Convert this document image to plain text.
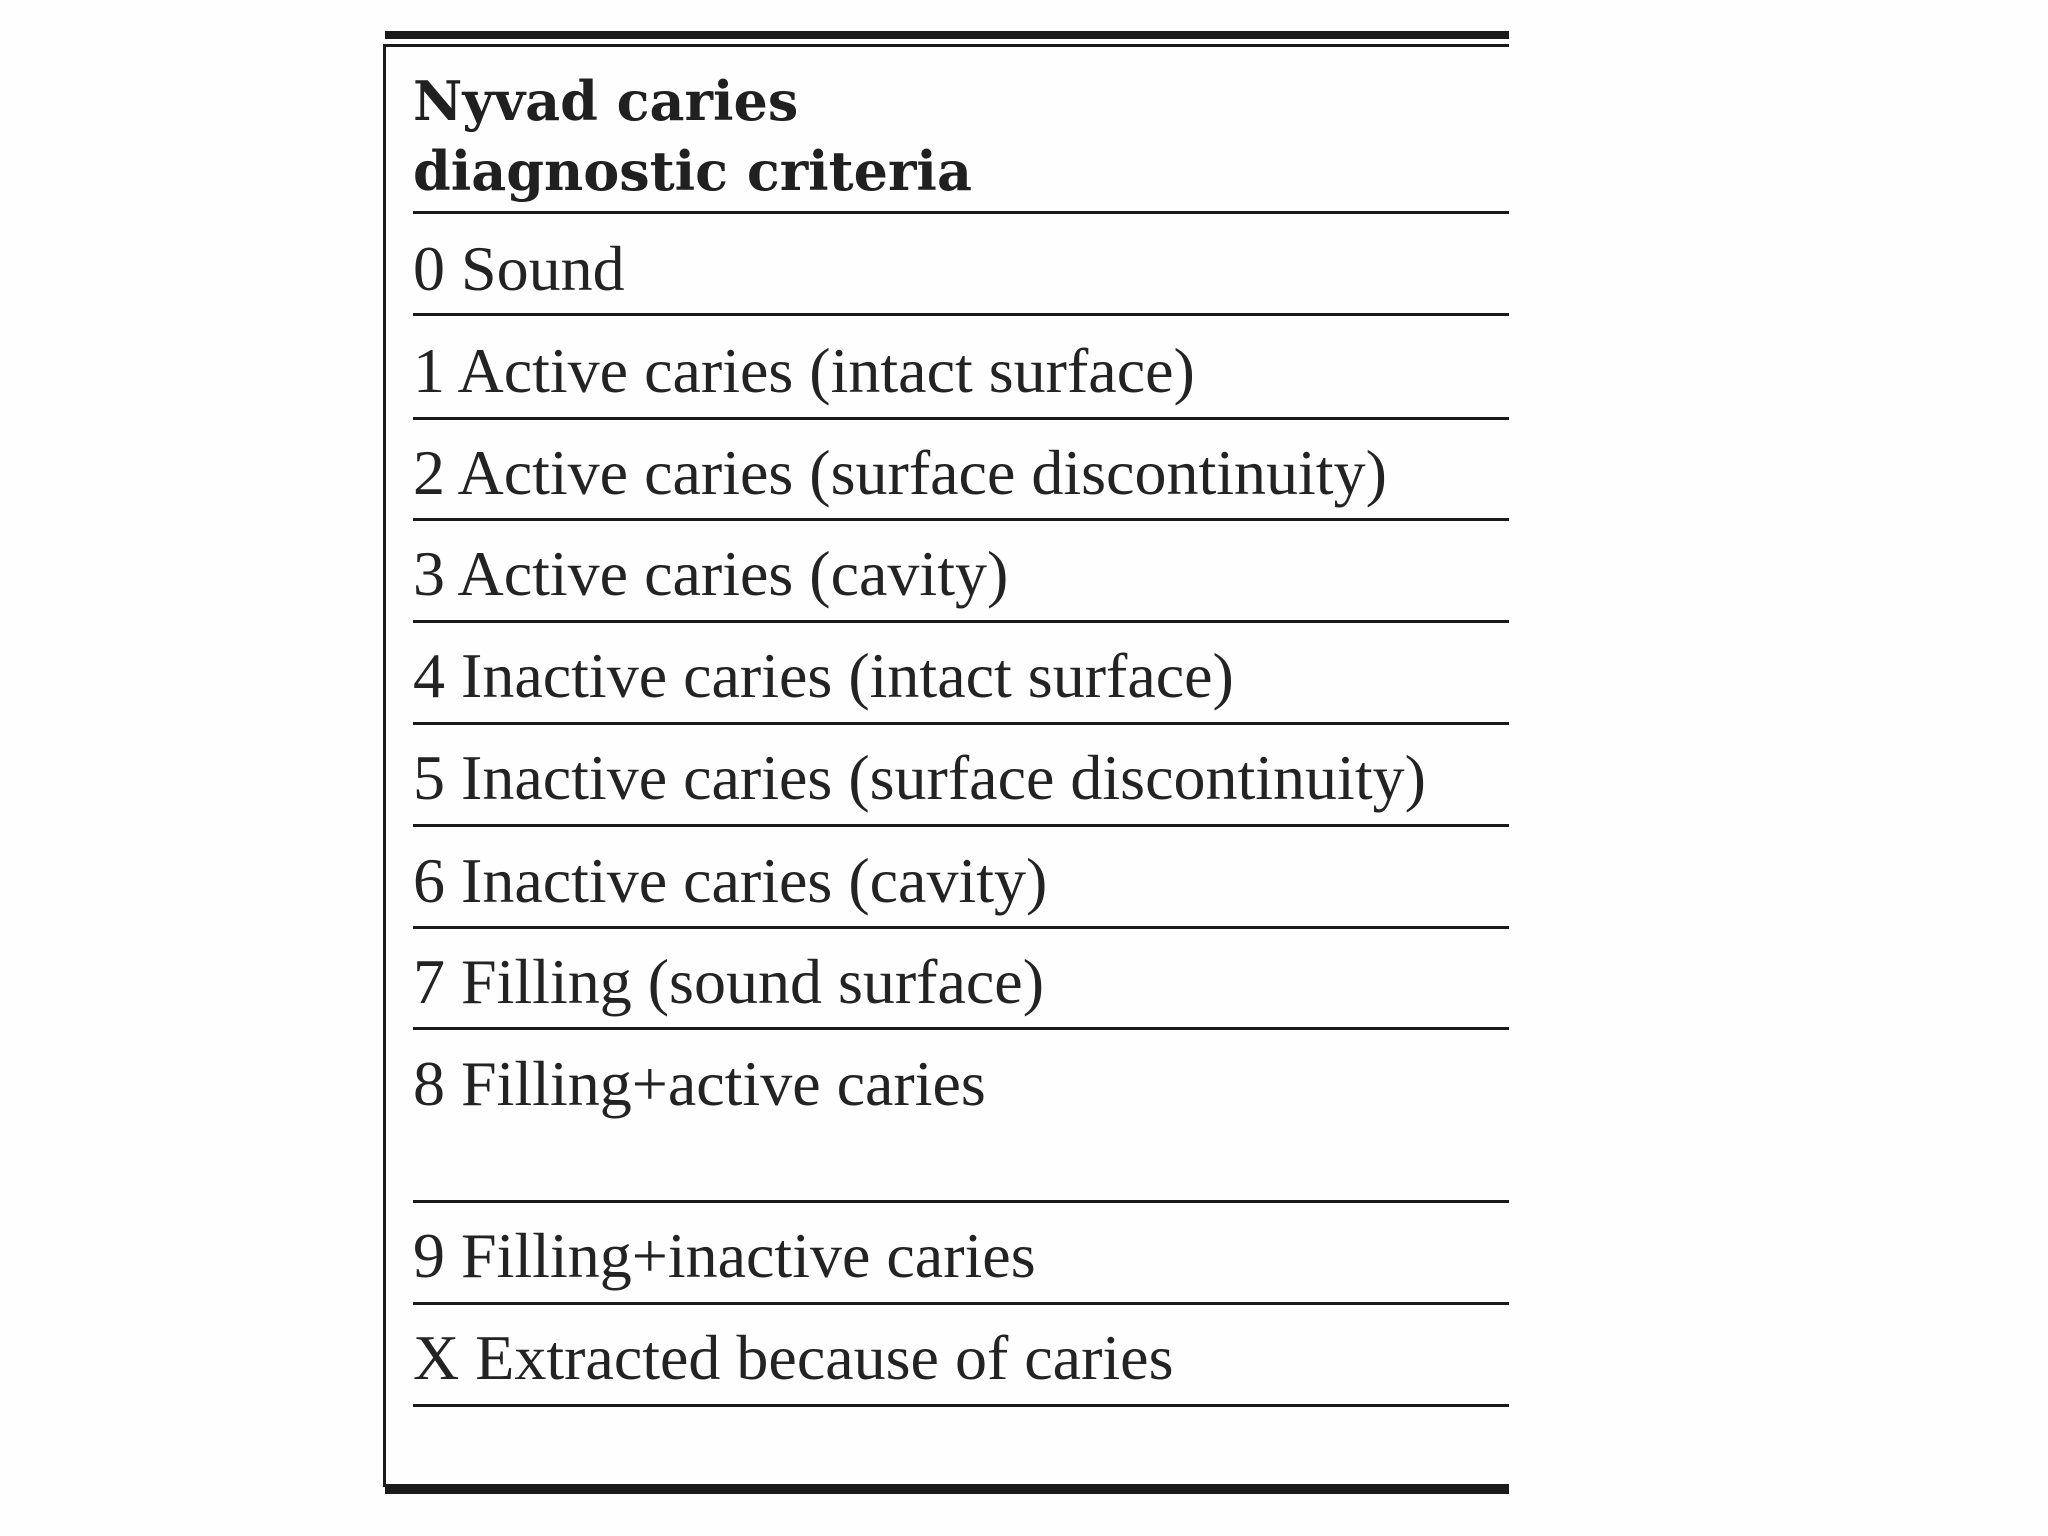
Nyvad caries
diagnostic criteria
0 Sound
1 Active caries (intact surface)
2 Active caries (surface discontinuity)
3 Active caries (cavity)
4 Inactive caries (intact surface)
5 Inactive caries (surface discontinuity)
6 Inactive caries (cavity)
7 Filling (sound surface)
8 Filling+active caries
9 Filling+inactive caries
X Extracted because of caries
